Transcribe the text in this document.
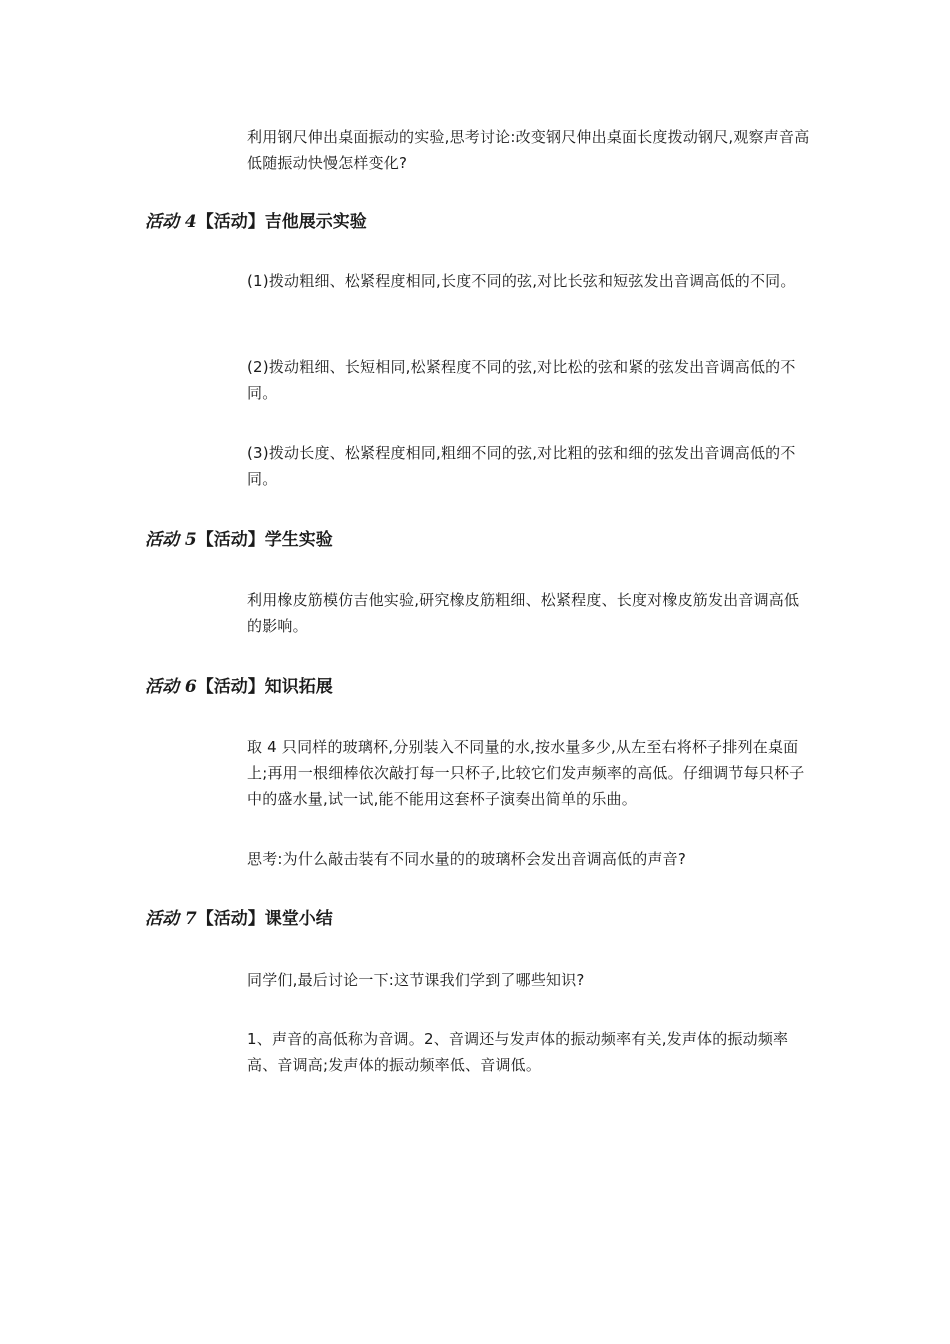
利用钢尺伸出桌面振动的实验,思考讨论:改变钢尺伸出桌面长度拨动钢尺,观察声音高低随振动快慢怎样变化?

活动 4【活动】吉他展示实验

(1)拨动粗细、松紧程度相同,长度不同的弦,对比长弦和短弦发出音调高低的不同。

(2)拨动粗细、长短相同,松紧程度不同的弦,对比松的弦和紧的弦发出音调高低的不同。

(3)拨动长度、松紧程度相同,粗细不同的弦,对比粗的弦和细的弦发出音调高低的不同。

活动 5【活动】学生实验

利用橡皮筋模仿吉他实验,研究橡皮筋粗细、松紧程度、长度对橡皮筋发出音调高低的影响。

活动 6【活动】知识拓展

取 4 只同样的玻璃杯,分别装入不同量的水,按水量多少,从左至右将杯子排列在桌面上;再用一根细棒依次敲打每一只杯子,比较它们发声频率的高低。仔细调节每只杯子中的盛水量,试一试,能不能用这套杯子演奏出简单的乐曲。

思考:为什么敲击装有不同水量的的玻璃杯会发出音调高低的声音?

活动 7【活动】课堂小结

同学们,最后讨论一下:这节课我们学到了哪些知识?

1、声音的高低称为音调。2、音调还与发声体的振动频率有关,发声体的振动频率高、音调高;发声体的振动频率低、音调低。
